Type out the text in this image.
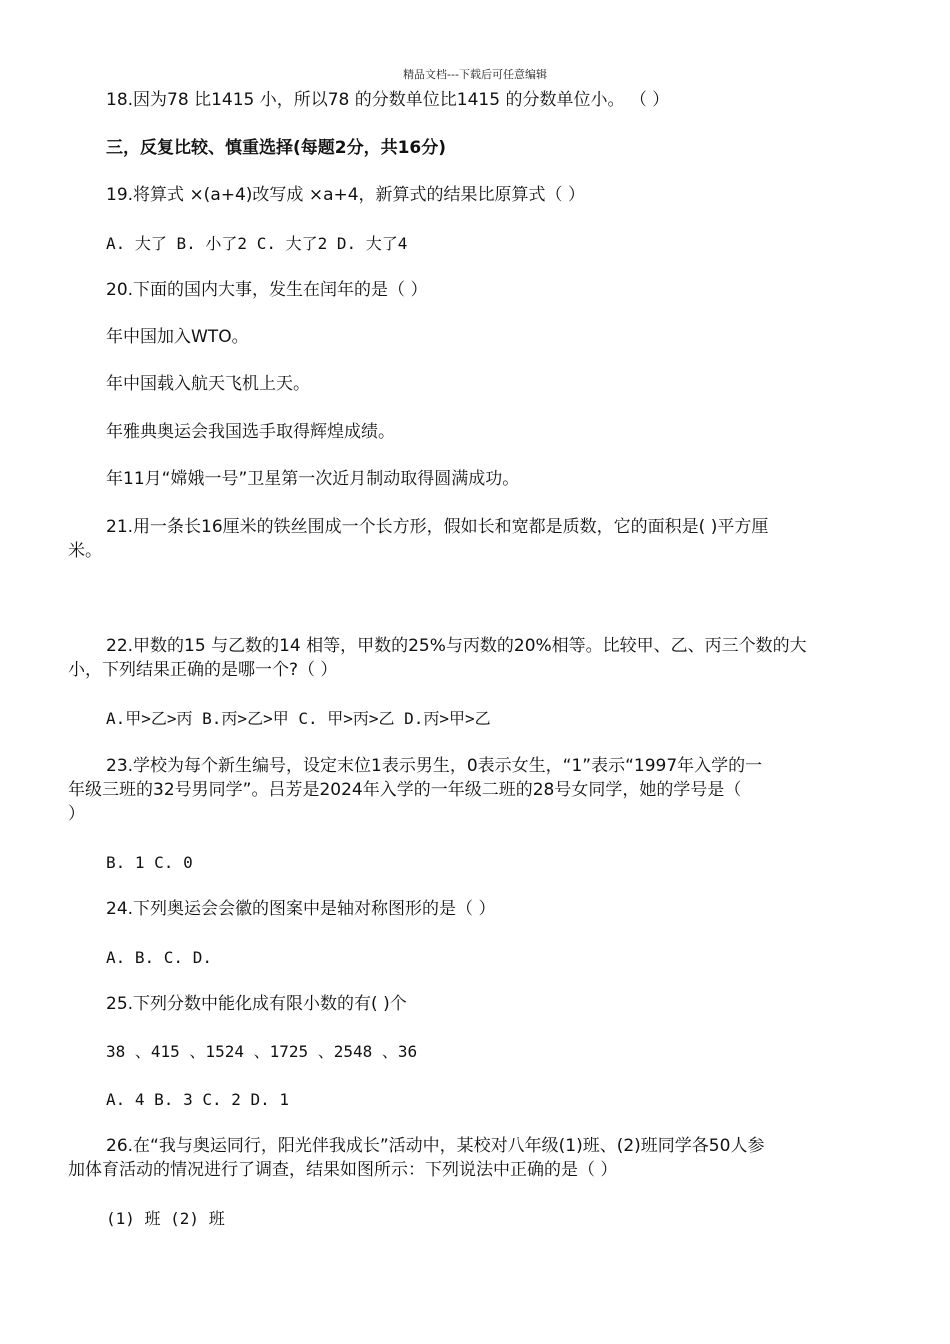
精品文档---下载后可任意编辑
18.因为78 比1415 小，所以78 的分数单位比1415 的分数单位小。 （ ）
三，反复比较、慎重选择(每题2分，共16分)
19.将算式 ×(a+4)改写成 ×a+4，新算式的结果比原算式（ ）
A. 大了 B. 小了2 C. 大了2 D. 大了4
20.下面的国内大事，发生在闰年的是（ ）
年中国加入WTO。
年中国载入航天飞机上天。
年雅典奥运会我国选手取得辉煌成绩。
年11月“嫦娥一号”卫星第一次近月制动取得圆满成功。
21.用一条长16厘米的铁丝围成一个长方形，假如长和宽都是质数，它的面积是( )平方厘
米。
22.甲数的15 与乙数的14 相等，甲数的25%与丙数的20%相等。比较甲、乙、丙三个数的大
小，下列结果正确的是哪一个?（ ）
A.甲>乙>丙 B.丙>乙>甲 C. 甲>丙>乙 D.丙>甲>乙
23.学校为每个新生编号，设定末位1表示男生，0表示女生，“1”表示“1997年入学的一
年级三班的32号男同学”。吕芳是2024年入学的一年级二班的28号女同学，她的学号是（
）
B. 1 C. 0
24.下列奥运会会徽的图案中是轴对称图形的是（ ）
A. B. C. D.
25.下列分数中能化成有限小数的有( )个
38 、415 、1524 、1725 、2548 、36
A. 4 B. 3 C. 2 D. 1
26.在“我与奥运同行，阳光伴我成长”活动中，某校对八年级(1)班、(2)班同学各50人参
加体育活动的情况进行了调查，结果如图所示：下列说法中正确的是（ ）
(1) 班 (2) 班
